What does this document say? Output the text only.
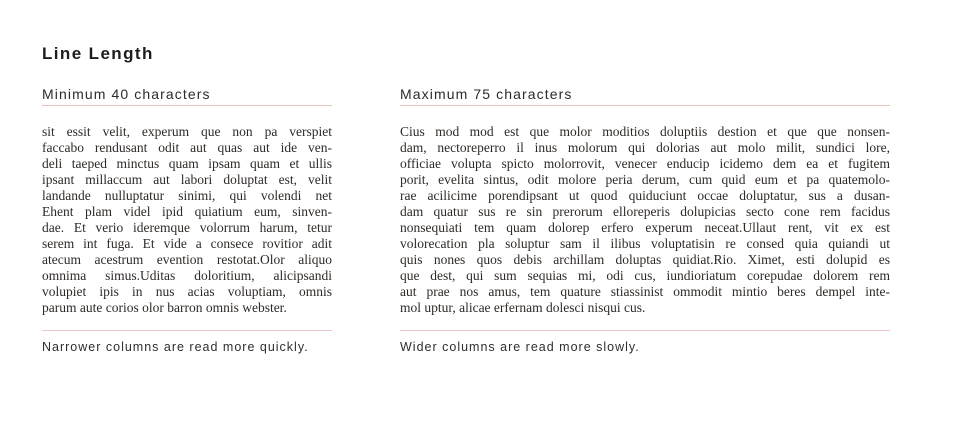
Line Length
Minimum 40 characters
sit essit velit, experum que non pa verspiet
faccabo rendusant odit aut quas aut ide ven-
deli taeped minctus quam ipsam quam et ullis
ipsant millaccum aut labori doluptat est, velit
landande nulluptatur sinimi, qui volendi net
Ehent plam videl ipid quiatium eum, sinven-
dae. Et verio ideremque volorrum harum, tetur
serem int fuga. Et vide a consece rovitior adit
atecum acestrum evention restotat.Olor aliquo
omnima simus.Uditas doloritium, alicipsandi
volupiet ipis in nus acias voluptiam, omnis
parum aute corios olor barron omnis webster.

Narrower columns are read more quickly.

Maximum 75 characters
Cius mod mod est que molor moditios doluptiis destion et que que nonsen-
dam, nectoreperro il inus molorum qui dolorias aut molo milit, sundici lore,
officiae volupta spicto molorrovit, venecer enducip icidemo dem ea et fugitem
porit, evelita sintus, odit molore peria derum, cum quid eum et pa quatemolo-
rae acilicime porendipsant ut quod quiduciunt occae doluptatur, sus a dusan-
dam quatur sus re sin prerorum elloreperis dolupicias secto cone rem facidus
nonsequiati tem quam dolorep erfero experum neceat.Ullaut rent, vit ex est
volorecation pla soluptur sam il ilibus voluptatisin re consed quia quiandi ut
quis nones quos debis archillam doluptas quidiat.Rio. Ximet, esti dolupid es
que dest, qui sum sequias mi, odi cus, iundioriatum corepudae dolorem rem
aut prae nos amus, tem quature stiassinist ommodit mintio beres dempel inte-
mol uptur, alicae erfernam dolesci nisqui cus.

Wider columns are read more slowly.
